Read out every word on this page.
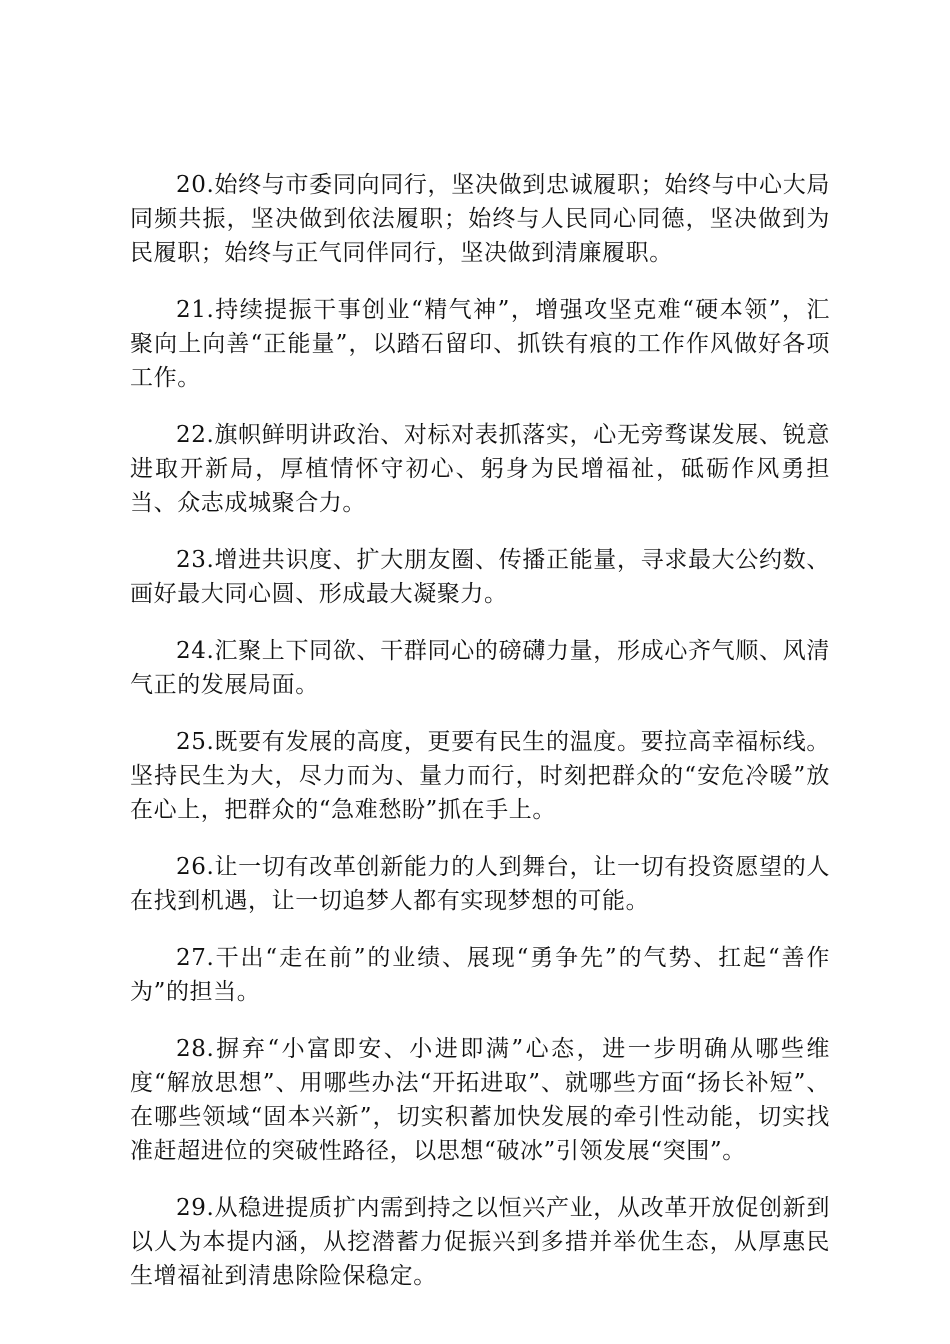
20.始终与市委同向同行，坚决做到忠诚履职；始终与中心大局同频共振，坚决做到依法履职；始终与人民同心同德，坚决做到为民履职；始终与正气同伴同行，坚决做到清廉履职。

21.持续提振干事创业“精气神”，增强攻坚克难“硬本领”，汇聚向上向善“正能量”，以踏石留印、抓铁有痕的工作作风做好各项工作。

22.旗帜鲜明讲政治、对标对表抓落实，心无旁骛谋发展、锐意进取开新局，厚植情怀守初心、躬身为民增福祉，砥砺作风勇担当、众志成城聚合力。

23.增进共识度、扩大朋友圈、传播正能量，寻求最大公约数、画好最大同心圆、形成最大凝聚力。

24.汇聚上下同欲、干群同心的磅礴力量，形成心齐气顺、风清气正的发展局面。

25.既要有发展的高度，更要有民生的温度。要拉高幸福标线。坚持民生为大，尽力而为、量力而行，时刻把群众的“安危冷暖”放在心上，把群众的“急难愁盼”抓在手上。

26.让一切有改革创新能力的人到舞台，让一切有投资愿望的人在找到机遇，让一切追梦人都有实现梦想的可能。

27.干出“走在前”的业绩、展现“勇争先”的气势、扛起“善作为”的担当。

28.摒弃“小富即安、小进即满”心态，进一步明确从哪些维度“解放思想”、用哪些办法“开拓进取”、就哪些方面“扬长补短”、在哪些领域“固本兴新”，切实积蓄加快发展的牵引性动能，切实找准赶超进位的突破性路径，以思想“破冰”引领发展“突围”。

29.从稳进提质扩内需到持之以恒兴产业，从改革开放促创新到以人为本提内涵，从挖潜蓄力促振兴到多措并举优生态，从厚惠民生增福祉到清患除险保稳定。
